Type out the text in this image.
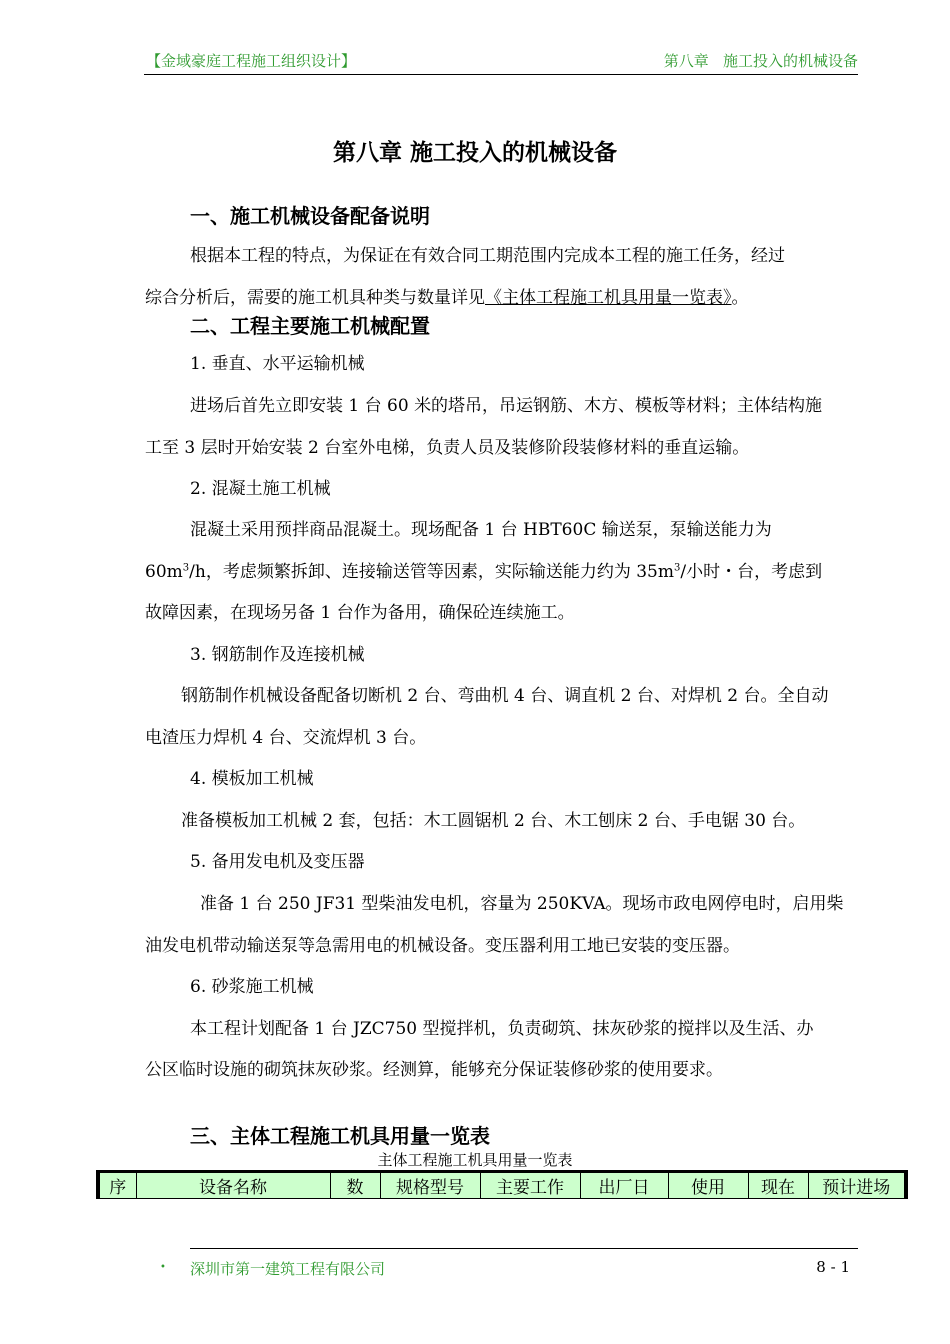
【金域豪庭工程施工组织设计】	第八章   施工投入的机械设备
第八章 施工投入的机械设备
一、施工机械设备配备说明
根据本工程的特点，为保证在有效合同工期范围内完成本工程的施工任务，经过
综合分析后，需要的施工机具种类与数量详见《主体工程施工机具用量一览表》。
二、工程主要施工机械配置
1. 垂直、水平运输机械
进场后首先立即安装 1 台 60 米的塔吊，吊运钢筋、木方、模板等材料；主体结构施
工至 3 层时开始安装 2 台室外电梯，负责人员及装修阶段装修材料的垂直运输。
2. 混凝土施工机械
混凝土采用预拌商品混凝土。现场配备 1 台 HBT60C 输送泵，泵输送能力为
$60m^3/h$，考虑频繁拆卸、连接输送管等因素，实际输送能力约为 $35m^3/$小时・台，考虑到
故障因素，在现场另备 1 台作为备用，确保砼连续施工。
3. 钢筋制作及连接机械
钢筋制作机械设备配备切断机 2 台、弯曲机 4 台、调直机 2 台、对焊机 2 台。全自动
电渣压力焊机 4 台、交流焊机 3 台。
4. 模板加工机械
准备模板加工机械 2 套，包括：木工圆锯机 2 台、木工刨床 2 台、手电锯 30 台。
5. 备用发电机及变压器
准备 1 台 250 JF31 型柴油发电机，容量为 250KVA。现场市政电网停电时，启用柴
油发电机带动输送泵等急需用电的机械设备。变压器利用工地已安装的变压器。
6. 砂浆施工机械
本工程计划配备 1 台 JZC750 型搅拌机，负责砌筑、抹灰砂浆的搅拌以及生活、办
公区临时设施的砌筑抹灰砂浆。经测算，能够充分保证装修砂浆的使用要求。
三、主体工程施工机具用量一览表
主体工程施工机具用量一览表
序	设备名称	数	规格型号	主要工作	出厂日	使用	现在	预计进场
• 深圳市第一建筑工程有限公司	8 - 1
